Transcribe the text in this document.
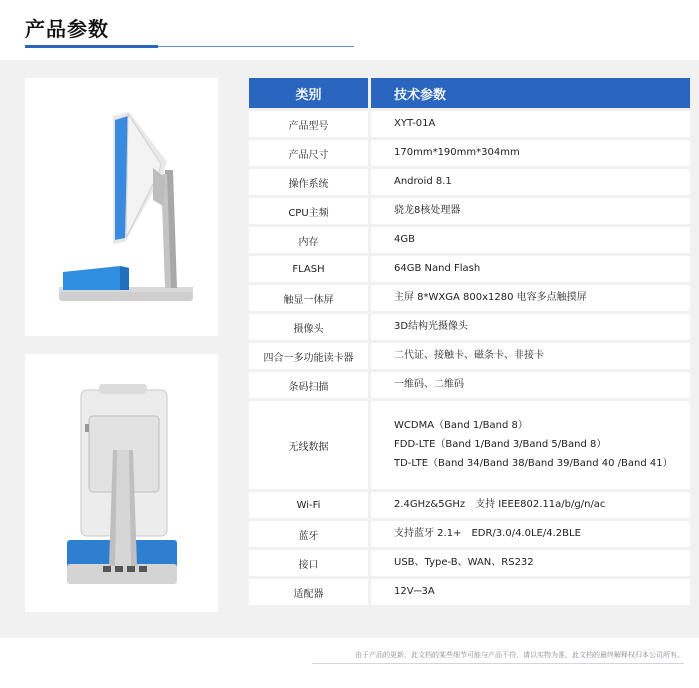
产品参数
类别		技术参数
产品型号		XYT-01A

产品尺寸		170mm*190mm*304mm

操作系统		Android 8.1

CPU主频		骁龙8核处理器

内存		4GB

FLASH		64GB Nand Flash

触显一体屏		主屏 8*WXGA 800x1280 电容多点触摸屏

摄像头		3D结构光摄像头

四合一多功能读卡器		二代证、接触卡、磁条卡、非接卡

条码扫描		一维码、二维码

无线数据		WCDMA（Band 1/Band 8）
FDD-LTE（Band 1/Band 3/Band 5/Band 8）
TD-LTE（Band 34/Band 38/Band 39/Band 40 /Band 41）

Wi-Fi		2.4GHz&5GHz　支持 IEEE802.11a/b/g/n/ac

蓝牙		支持蓝牙 2.1+　EDR/3.0/4.0LE/4.2BLE

接口		USB、Type-B、WAN、RS232

适配器		12V⎓3A
由于产品的更新，此文档的某些细节可能与产品不符，请以实物为准，此文档的最终解释权归本公司所有。
